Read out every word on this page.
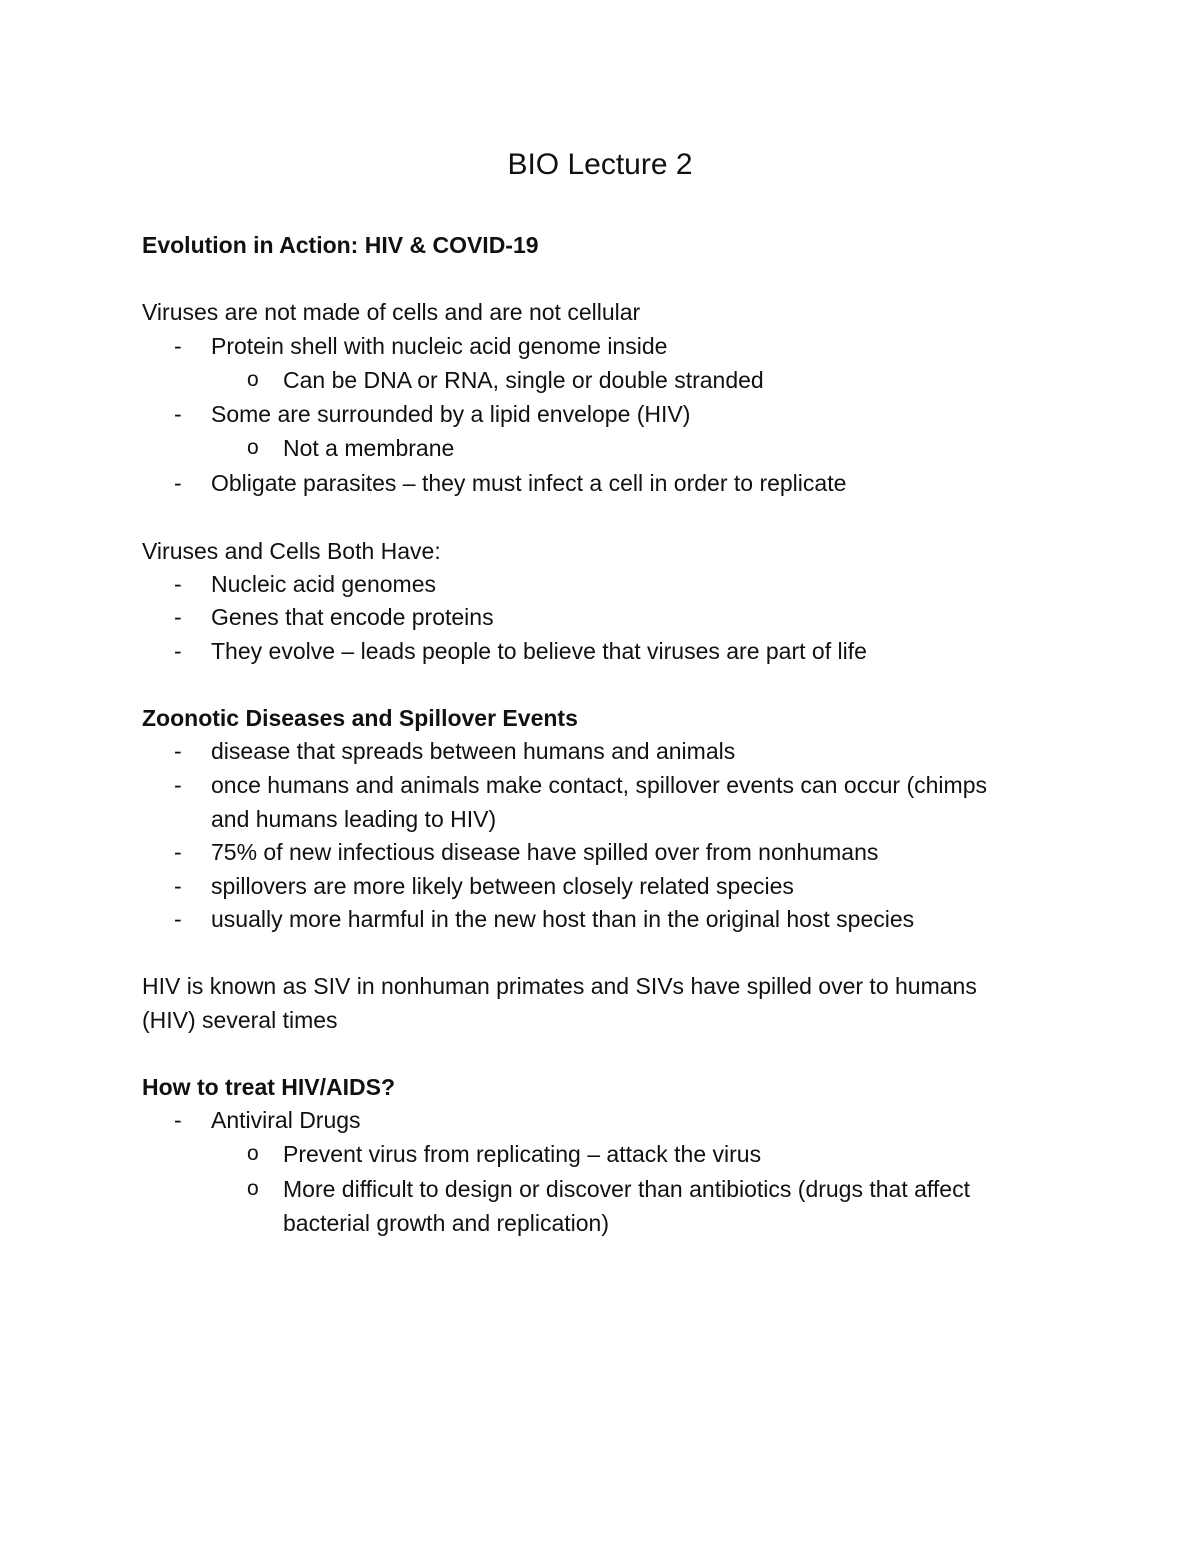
BIO Lecture 2
Evolution in Action: HIV & COVID-19
Viruses are not made of cells and are not cellular
- Protein shell with nucleic acid genome inside
o Can be DNA or RNA, single or double stranded
- Some are surrounded by a lipid envelope (HIV)
o Not a membrane
- Obligate parasites – they must infect a cell in order to replicate
Viruses and Cells Both Have:
- Nucleic acid genomes
- Genes that encode proteins
- They evolve – leads people to believe that viruses are part of life
Zoonotic Diseases and Spillover Events
- disease that spreads between humans and animals
- once humans and animals make contact, spillover events can occur (chimps
and humans leading to HIV)
- 75% of new infectious disease have spilled over from nonhumans
- spillovers are more likely between closely related species
- usually more harmful in the new host than in the original host species
HIV is known as SIV in nonhuman primates and SIVs have spilled over to humans
(HIV) several times
How to treat HIV/AIDS?
- Antiviral Drugs
o Prevent virus from replicating – attack the virus
o More difficult to design or discover than antibiotics (drugs that affect
bacterial growth and replication)
